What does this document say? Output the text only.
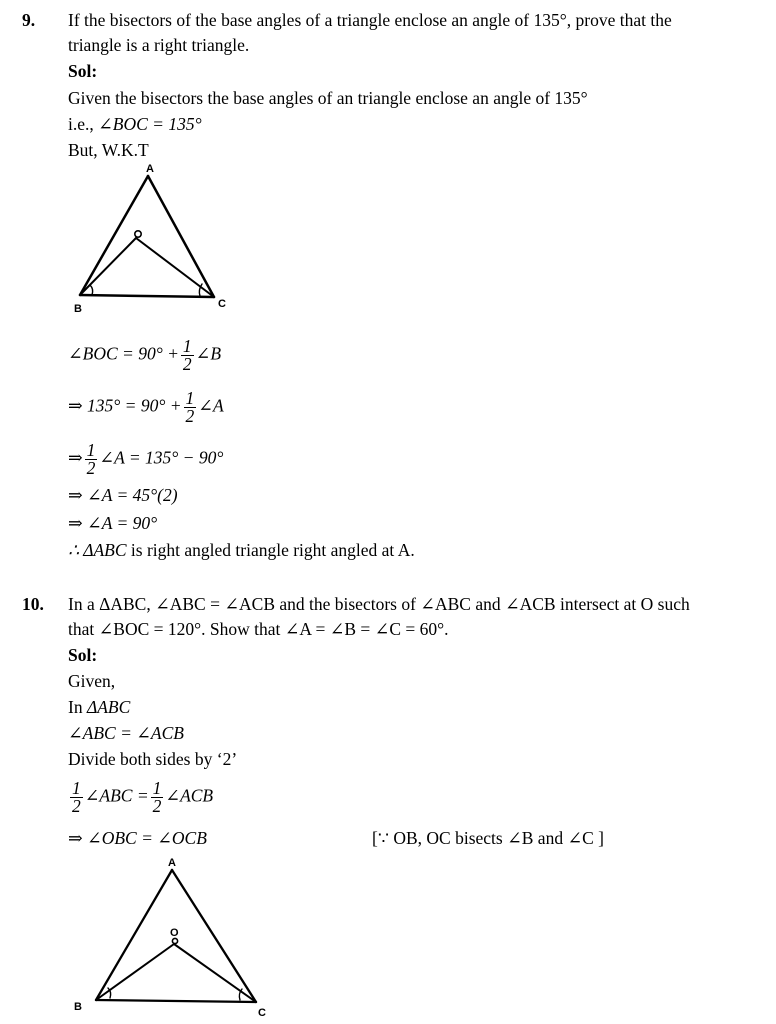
9. If the bisectors of the base angles of a triangle enclose an angle of 135°, prove that the
triangle is a right triangle.
Sol:
Given the bisectors the base angles of an triangle enclose an angle of 135°
i.e., ∠BOC = 135°
But, W.K.T
A
B	C
∠BOC = $90^\circ + \frac{1}{2}$ ∠B
⇒ $135^\circ = 90^\circ + \frac{1}{2}$ ∠A
⇒ $\frac{1}{2}$ ∠A = 135° − 90°
⇒ ∠A = 45°(2)
⇒ ∠A = 90°
∴ ΔABC is right angled triangle right angled at A.
10. In a ΔABC, ∠ABC = ∠ACB and the bisectors of ∠ABC and ∠ACB intersect at O such
that ∠BOC = 120°. Show that ∠A = ∠B = ∠C = 60°.
Sol:
Given,
In ΔABC
∠ABC = ∠ACB
Divide both sides by ‘2’
$\frac{1}{2}$ ∠ABC = $\frac{1}{2}$ ∠ACB
⇒ ∠OBC = ∠OCB	[∵ OB, OC bisects ∠B and ∠C ]
A
O
B	C
